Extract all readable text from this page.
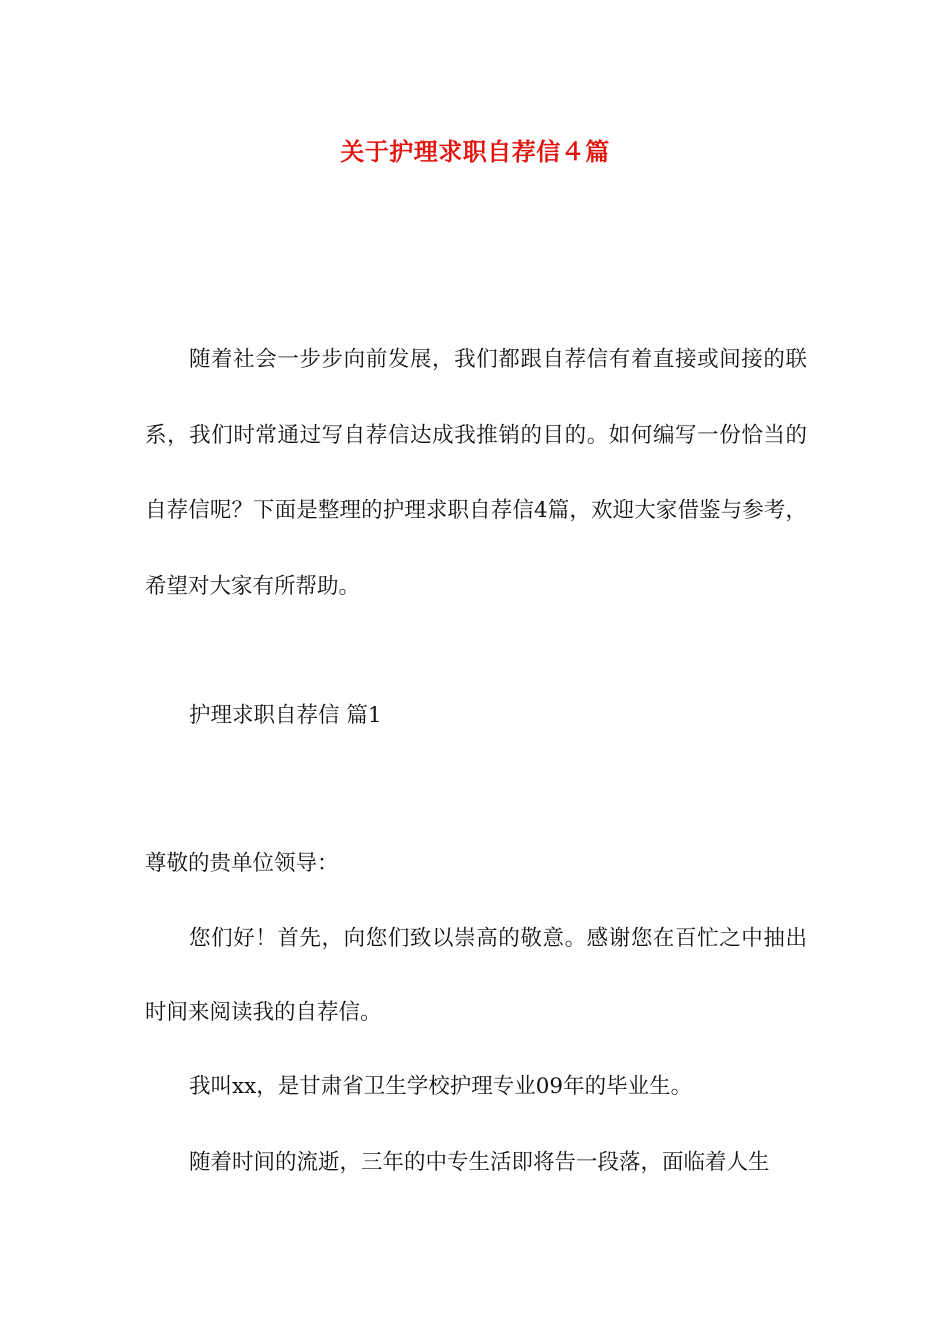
关于护理求职自荐信４篇

随着社会一步步向前发展，我们都跟自荐信有着直接或间接的联系，我们时常通过写自荐信达成我推销的目的。如何编写一份恰当的自荐信呢？下面是整理的护理求职自荐信4篇，欢迎大家借鉴与参考，希望对大家有所帮助。

护理求职自荐信 篇1

尊敬的贵单位领导：

您们好！首先，向您们致以崇高的敬意。感谢您在百忙之中抽出时间来阅读我的自荐信。

我叫xx，是甘肃省卫生学校护理专业09年的毕业生。

随着时间的流逝，三年的中专生活即将告一段落，面临着人生
